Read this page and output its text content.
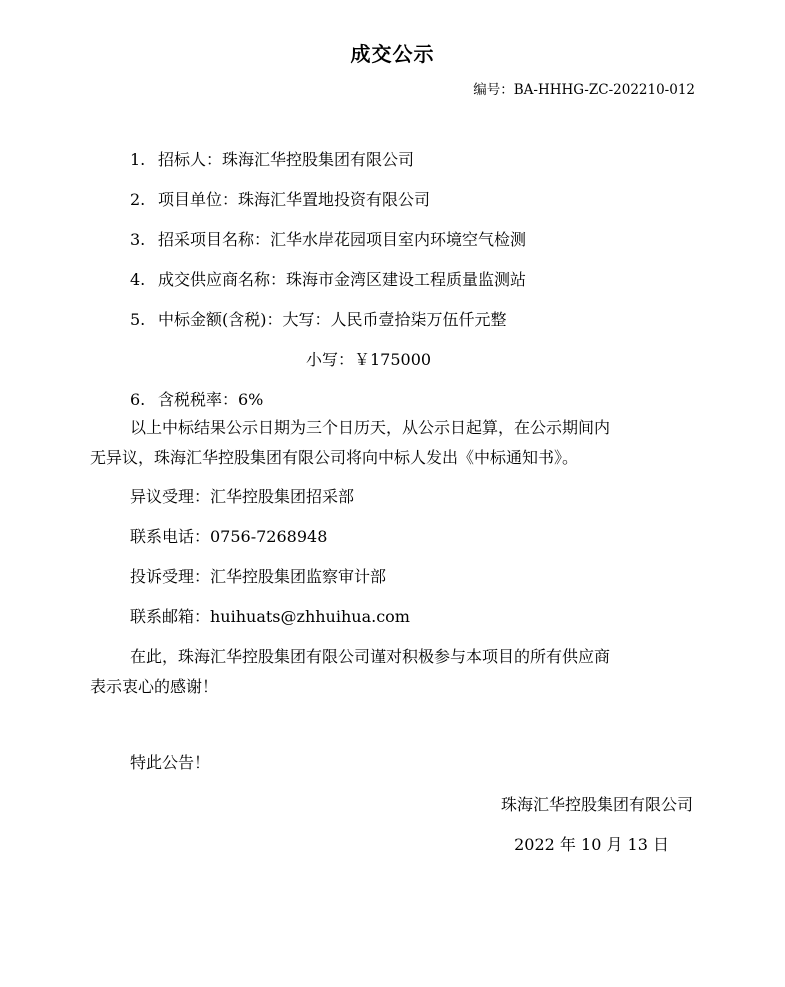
成交公示
编号：BA-HHHG-ZC-202210-012
1. 招标人：珠海汇华控股集团有限公司
2. 项目单位：珠海汇华置地投资有限公司
3. 招采项目名称：汇华水岸花园项目室内环境空气检测
4. 成交供应商名称：珠海市金湾区建设工程质量监测站
5. 中标金额(含税)：大写：人民币壹拾柒万伍仟元整
小写：￥175000
6. 含税税率：6%
以上中标结果公示日期为三个日历天，从公示日起算，在公示期间内
无异议，珠海汇华控股集团有限公司将向中标人发出《中标通知书》。
异议受理：汇华控股集团招采部
联系电话：0756-7268948
投诉受理：汇华控股集团监察审计部
联系邮箱：huihuats@zhhuihua.com
在此，珠海汇华控股集团有限公司谨对积极参与本项目的所有供应商
表示衷心的感谢！
特此公告！
珠海汇华控股集团有限公司
2022 年 10 月 13 日
